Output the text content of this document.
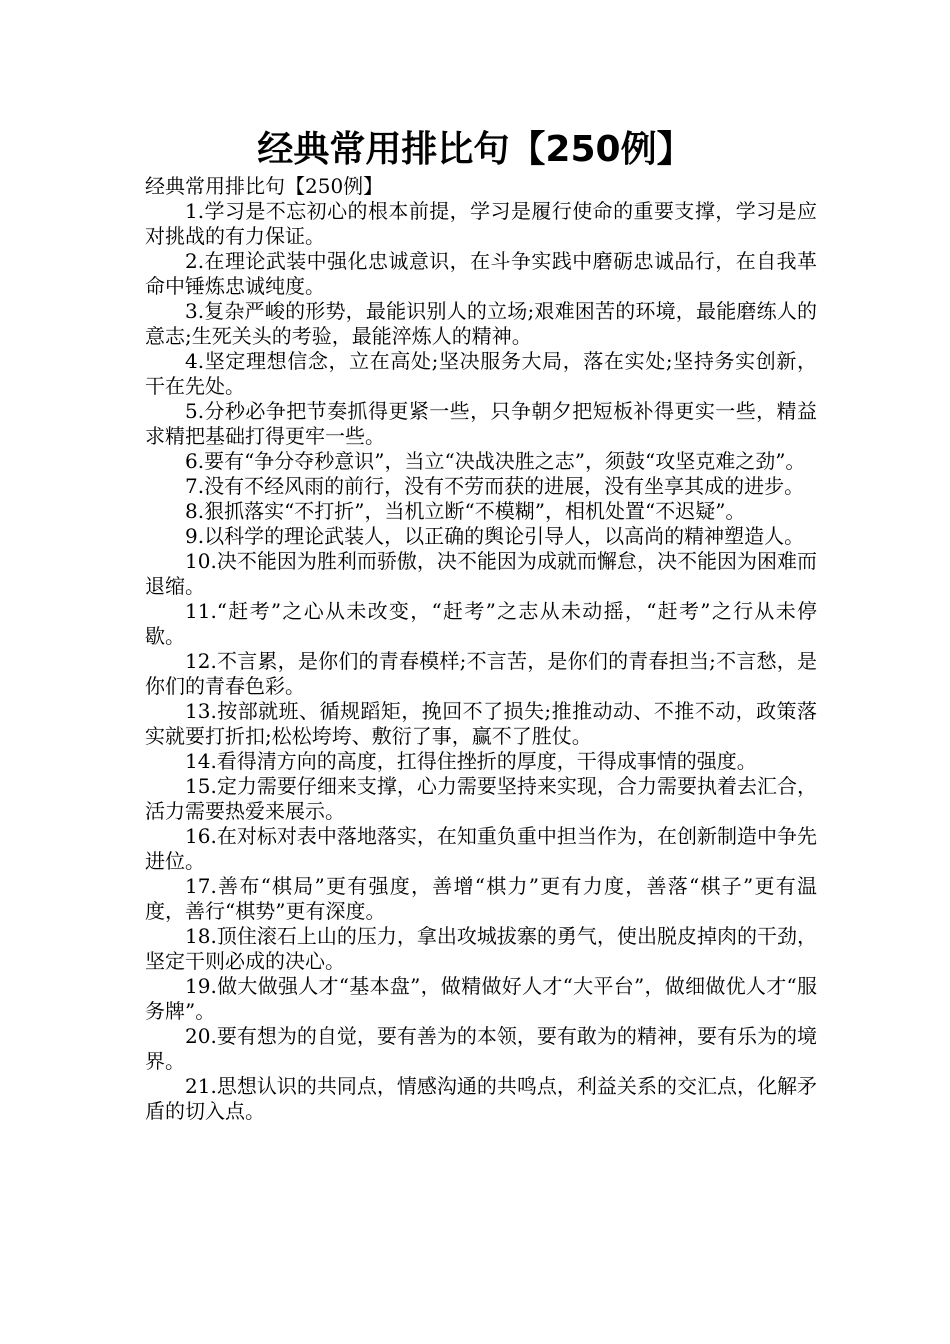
经典常用排比句【250例】

经典常用排比句【250例】

1.学习是不忘初心的根本前提，学习是履行使命的重要支撑，学习是应对挑战的有力保证。

2.在理论武装中强化忠诚意识，在斗争实践中磨砺忠诚品行，在自我革命中锤炼忠诚纯度。

3.复杂严峻的形势，最能识别人的立场;艰难困苦的环境，最能磨练人的意志;生死关头的考验，最能淬炼人的精神。

4.坚定理想信念，立在高处;坚决服务大局，落在实处;坚持务实创新，干在先处。

5.分秒必争把节奏抓得更紧一些，只争朝夕把短板补得更实一些，精益求精把基础打得更牢一些。

6.要有“争分夺秒意识”，当立“决战决胜之志”，须鼓“攻坚克难之劲”。

7.没有不经风雨的前行，没有不劳而获的进展，没有坐享其成的进步。

8.狠抓落实“不打折”，当机立断“不模糊”，相机处置“不迟疑”。

9.以科学的理论武装人，以正确的舆论引导人，以高尚的精神塑造人。

10.决不能因为胜利而骄傲，决不能因为成就而懈怠，决不能因为困难而退缩。

11.“赶考”之心从未改变，“赶考”之志从未动摇，“赶考”之行从未停歇。

12.不言累，是你们的青春模样;不言苦，是你们的青春担当;不言愁，是你们的青春色彩。

13.按部就班、循规蹈矩，挽回不了损失;推推动动、不推不动，政策落实就要打折扣;松松垮垮、敷衍了事，赢不了胜仗。

14.看得清方向的高度，扛得住挫折的厚度，干得成事情的强度。

15.定力需要仔细来支撑，心力需要坚持来实现，合力需要执着去汇合，活力需要热爱来展示。

16.在对标对表中落地落实，在知重负重中担当作为，在创新制造中争先进位。

17.善布“棋局”更有强度，善增“棋力”更有力度，善落“棋子”更有温度，善行“棋势”更有深度。

18.顶住滚石上山的压力，拿出攻城拔寨的勇气，使出脱皮掉肉的干劲，坚定干则必成的决心。

19.做大做强人才“基本盘”，做精做好人才“大平台”，做细做优人才“服务牌”。

20.要有想为的自觉，要有善为的本领，要有敢为的精神，要有乐为的境界。

21.思想认识的共同点，情感沟通的共鸣点，利益关系的交汇点，化解矛盾的切入点。
